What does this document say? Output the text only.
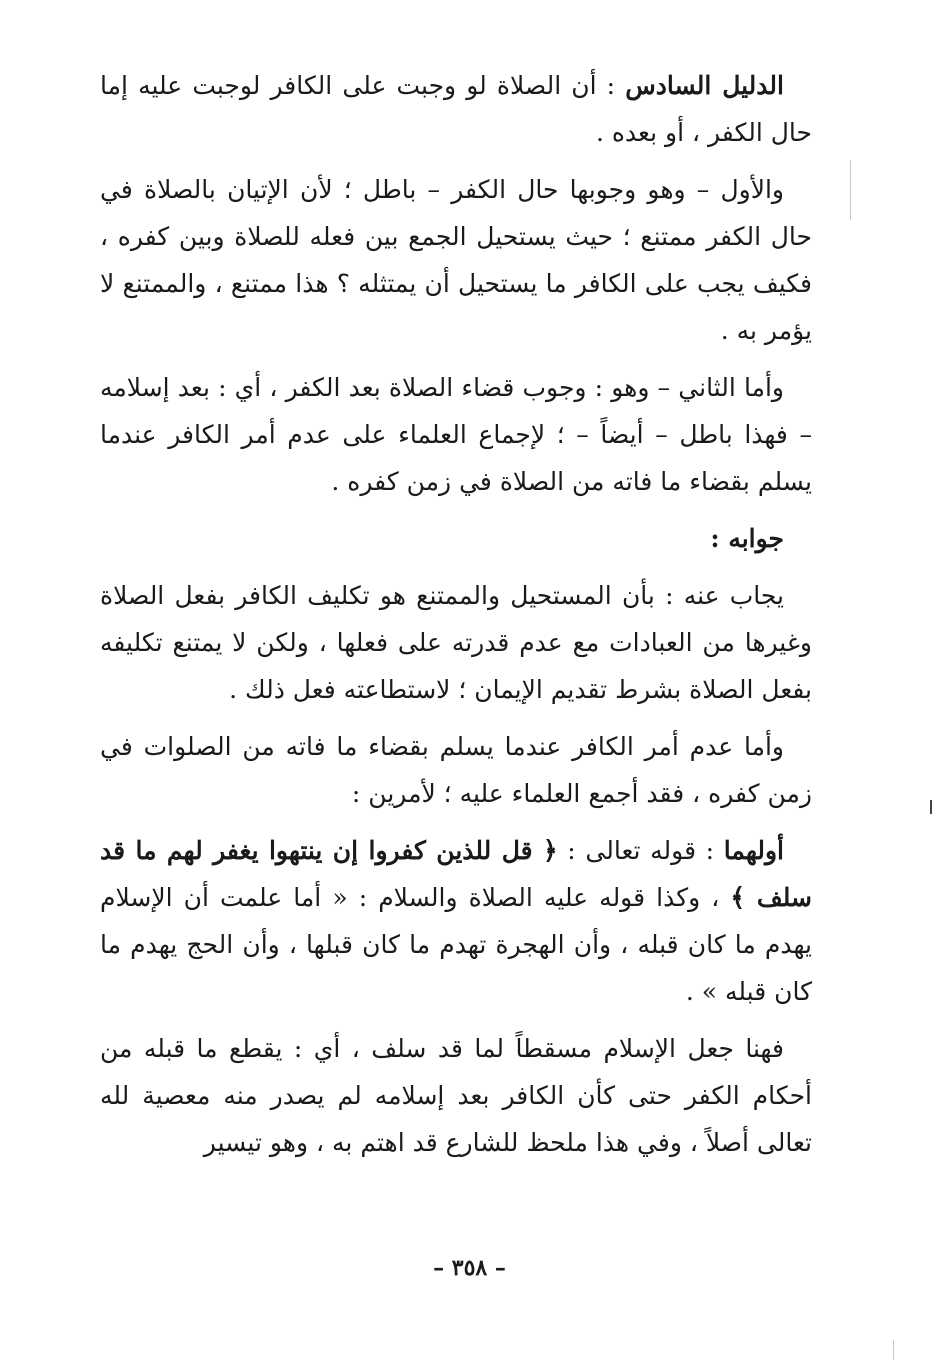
الدليل السادس : أن الصلاة لو وجبت على الكافر لوجبت عليه إما حال الكفر ، أو بعده .

والأول – وهو وجوبها حال الكفر – باطل ؛ لأن الإتيان بالصلاة في حال الكفر ممتنع ؛ حيث يستحيل الجمع بين فعله للصلاة وبين كفره ، فكيف يجب على الكافر ما يستحيل أن يمتثله ؟ هذا ممتنع ، والممتنع لا يؤمر به .

وأما الثاني – وهو : وجوب قضاء الصلاة بعد الكفر ، أي : بعد إسلامه – فهذا باطل – أيضاً – ؛ لإجماع العلماء على عدم أمر الكافر عندما يسلم بقضاء ما فاته من الصلاة في زمن كفره .

جوابه :

يجاب عنه : بأن المستحيل والممتنع هو تكليف الكافر بفعل الصلاة وغيرها من العبادات مع عدم قدرته على فعلها ، ولكن لا يمتنع تكليفه بفعل الصلاة بشرط تقديم الإيمان ؛ لاستطاعته فعل ذلك .

وأما عدم أمر الكافر عندما يسلم بقضاء ما فاته من الصلوات في زمن كفره ، فقد أجمع العلماء عليه ؛ لأمرين :

أولهما : قوله تعالى : ﴿ قل للذين كفروا إن ينتهوا يغفر لهم ما قد سلف ﴾ ، وكذا قوله عليه الصلاة والسلام : « أما علمت أن الإسلام يهدم ما كان قبله ، وأن الهجرة تهدم ما كان قبلها ، وأن الحج يهدم ما كان قبله » .

فهنا جعل الإسلام مسقطاً لما قد سلف ، أي : يقطع ما قبله من أحكام الكفر حتى كأن الكافر بعد إسلامه لم يصدر منه معصية لله تعالى أصلاً ، وفي هذا ملحظ للشارع قد اهتم به ، وهو تيسير

– ٣٥٨ –
